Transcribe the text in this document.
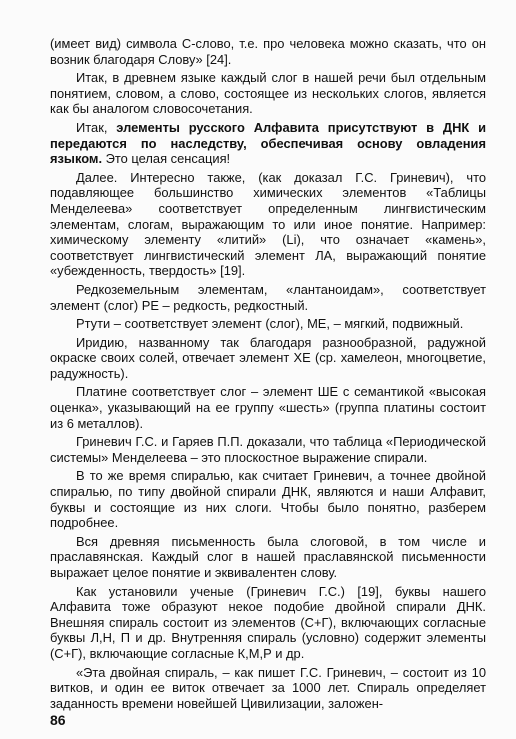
(имеет вид) символа С-слово, т.е. про человека можно сказать, что он возник благодаря Слову» [24].

Итак, в древнем языке каждый слог в нашей речи был отдельным понятием, словом, а слово, состоящее из нескольких слогов, является как бы аналогом словосочетания.

Итак, элементы русского Алфавита присутствуют в ДНК и передаются по наследству, обеспечивая основу овладения языком. Это целая сенсация!

Далее. Интересно также, (как доказал Г.С. Гриневич), что подавляющее большинство химических элементов «Таблицы Менделеева» соответствует определенным лингвистическим элементам, слогам, выражающим то или иное понятие. Например: химическому элементу «литий» (Li), что означает «камень», соответствует лингвистический элемент ЛА, выражающий понятие «убежденность, твердость» [19].

Редкоземельным элементам, «лантаноидам», соответствует элемент (слог) РЕ – редкость, редкостный.

Ртути – соответствует элемент (слог), МЕ, – мягкий, подвижный.

Иридию, названному так благодаря разнообразной, радужной окраске своих солей, отвечает элемент ХЕ (ср. хамелеон, многоцветие, радужность).

Платине соответствует слог – элемент ШЕ с семантикой «высокая оценка», указывающий на ее группу «шесть» (группа платины состоит из 6 металлов).

Гриневич Г.С. и Гаряев П.П. доказали, что таблица «Периодической системы» Менделеева – это плоскостное выражение спирали.

В то же время спиралью, как считает Гриневич, а точнее двойной спиралью, по типу двойной спирали ДНК, являются и наши Алфавит, буквы и состоящие из них слоги. Чтобы было понятно, разберем подробнее.

Вся древняя письменность была слоговой, в том числе и праславянская. Каждый слог в нашей праславянской письменности выражает целое понятие и эквивалентен слову.

Как установили ученые (Гриневич Г.С.) [19], буквы нашего Алфавита тоже образуют некое подобие двойной спирали ДНК. Внешняя спираль состоит из элементов (С+Г), включающих согласные буквы Л,Н, П и др. Внутренняя спираль (условно) содержит элементы (С+Г), включающие согласные К,М,Р и др.

«Эта двойная спираль, – как пишет Г.С. Гриневич, – состоит из 10 витков, и один ее виток отвечает за 1000 лет. Спираль определяет заданность времени новейшей Цивилизации, заложен-

86
